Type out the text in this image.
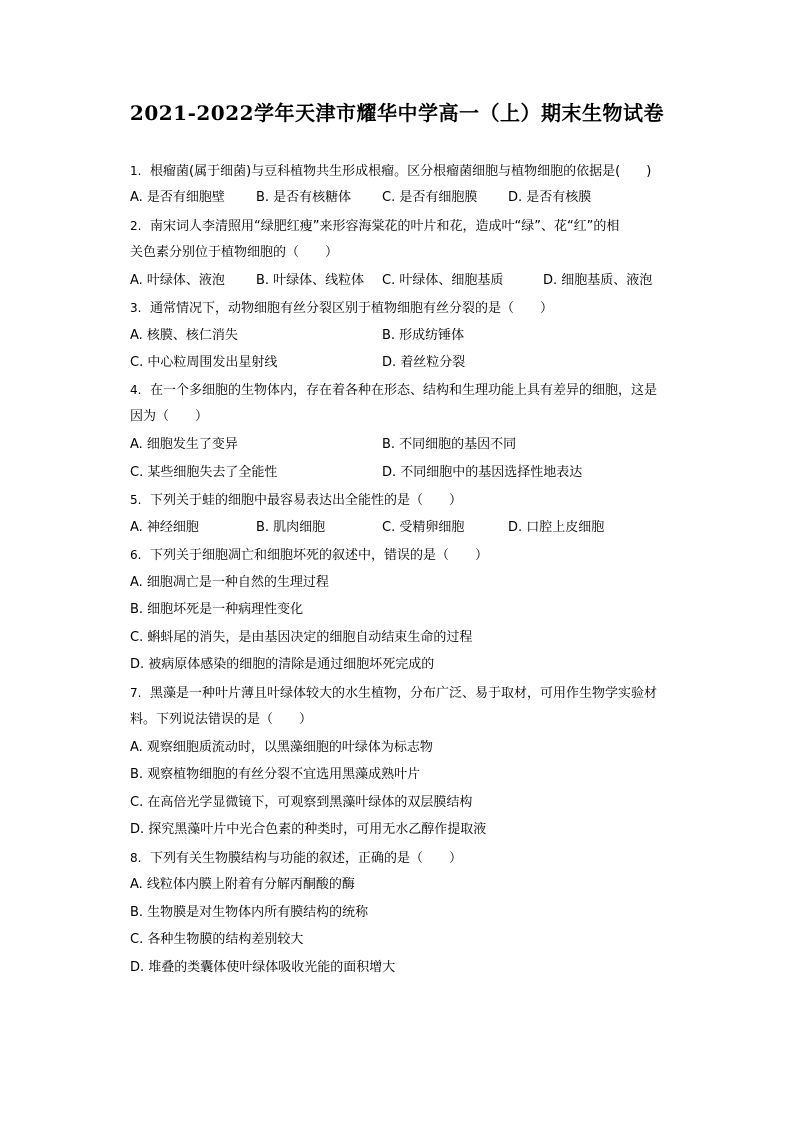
2021-2022学年天津市耀华中学高一（上）期末生物试卷
1. 根瘤菌(属于细菌)与豆科植物共生形成根瘤。区分根瘤菌细胞与植物细胞的依据是(　　)
A. 是否有细胞壁 B. 是否有核糖体 C. 是否有细胞膜 D. 是否有核膜
2. 南宋词人李清照用“绿肥红瘦”来形容海棠花的叶片和花，造成叶“绿”、花“红”的相
关色素分别位于植物细胞的（　　）
A. 叶绿体、液泡 B. 叶绿体、线粒体 C. 叶绿体、细胞基质	D. 细胞基质、液泡
3. 通常情况下，动物细胞有丝分裂区别于植物细胞有丝分裂的是（　　）
A. 核膜、核仁消失	B. 形成纺锤体
C. 中心粒周围发出星射线	D. 着丝粒分裂
4. 在一个多细胞的生物体内，存在着各种在形态、结构和生理功能上具有差异的细胞，这是
因为（　　）
A. 细胞发生了变异	B. 不同细胞的基因不同
C. 某些细胞失去了全能性	D. 不同细胞中的基因选择性地表达
5. 下列关于蛙的细胞中最容易表达出全能性的是（　　）
A. 神经细胞	B. 肌肉细胞	C. 受精卵细胞	D. 口腔上皮细胞
6. 下列关于细胞凋亡和细胞坏死的叙述中，错误的是（　　）
A. 细胞凋亡是一种自然的生理过程
B. 细胞坏死是一种病理性变化
C. 蝌蚪尾的消失，是由基因决定的细胞自动结束生命的过程
D. 被病原体感染的细胞的清除是通过细胞坏死完成的
7. 黑藻是一种叶片薄且叶绿体较大的水生植物，分布广泛、易于取材，可用作生物学实验材
料。下列说法错误的是（　　）
A. 观察细胞质流动时，以黑藻细胞的叶绿体为标志物
B. 观察植物细胞的有丝分裂不宜选用黑藻成熟叶片
C. 在高倍光学显微镜下，可观察到黑藻叶绿体的双层膜结构
D. 探究黑藻叶片中光合色素的种类时，可用无水乙醇作提取液
8. 下列有关生物膜结构与功能的叙述，正确的是（　　）
A. 线粒体内膜上附着有分解丙酮酸的酶
B. 生物膜是对生物体内所有膜结构的统称
C. 各种生物膜的结构差别较大
D. 堆叠的类囊体使叶绿体吸收光能的面积增大
